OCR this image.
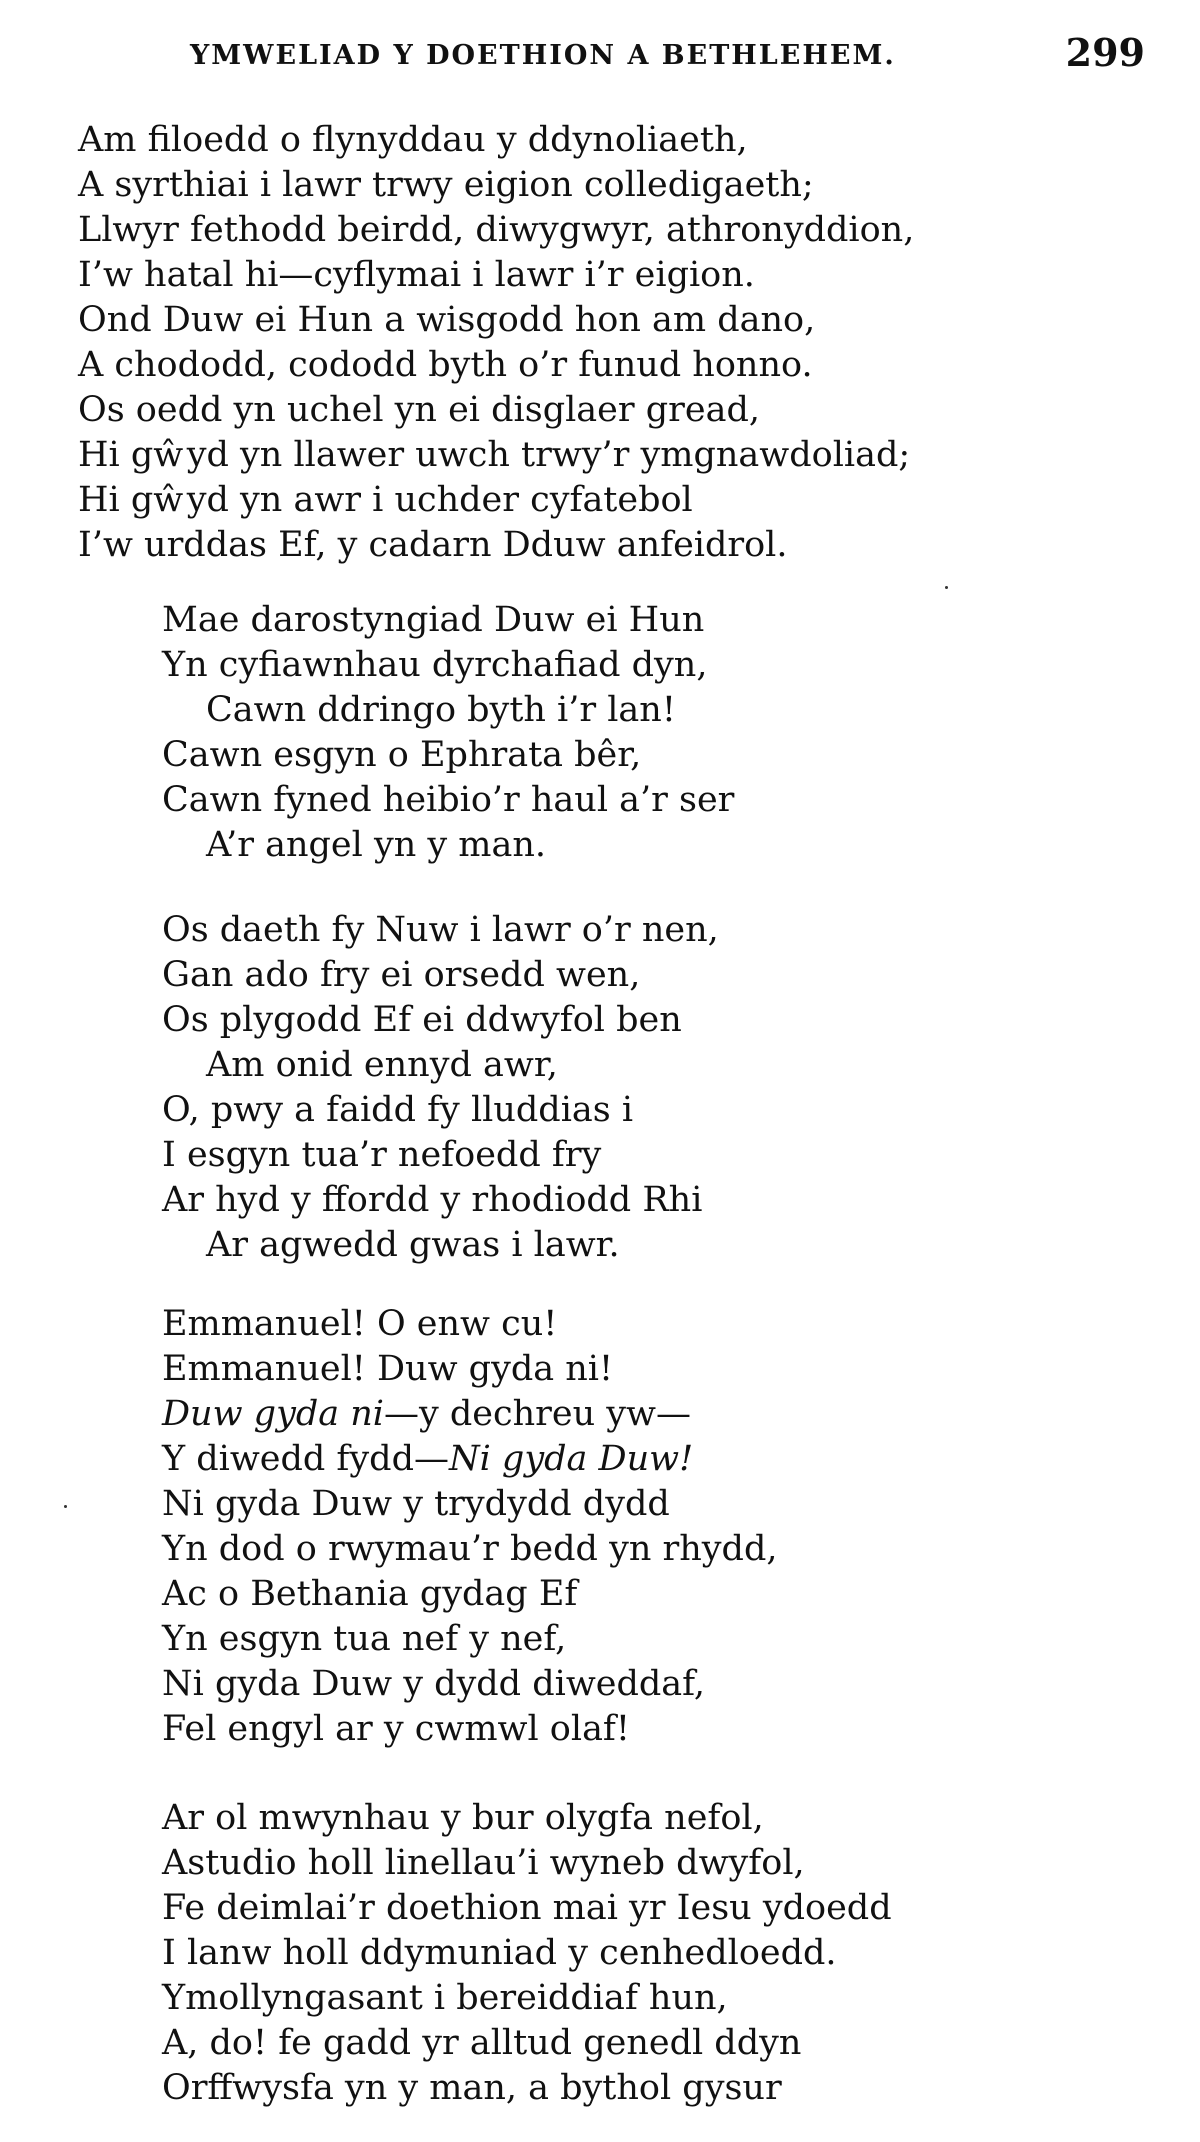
YMWELIAD Y DOETHION A BETHLEHEM.	299
Am filoedd o flynyddau y ddynoliaeth,
A syrthiai i lawr trwy eigion colledigaeth;
Llwyr fethodd beirdd, diwygwyr, athronyddion,
I’w hatal hi—cyflymai i lawr i’r eigion.
Ond Duw ei Hun a wisgodd hon am dano,
A chododd, cododd byth o’r funud honno.
Os oedd yn uchel yn ei disglaer gread,
Hi gŵyd yn llawer uwch trwy’r ymgnawdoliad;
Hi gŵyd yn awr i uchder cyfatebol
I’w urddas Ef, y cadarn Dduw anfeidrol.
Mae darostyngiad Duw ei Hun
Yn cyfiawnhau dyrchafiad dyn,
Cawn ddringo byth i’r lan!
Cawn esgyn o Ephrata bêr,
Cawn fyned heibio’r haul a’r ser
A’r angel yn y man.
Os daeth fy Nuw i lawr o’r nen,
Gan ado fry ei orsedd wen,
Os plygodd Ef ei ddwyfol ben
Am onid ennyd awr,
O, pwy a faidd fy lluddias i
I esgyn tua’r nefoedd fry
Ar hyd y ffordd y rhodiodd Rhi
Ar agwedd gwas i lawr.
Emmanuel! O enw cu!
Emmanuel! Duw gyda ni!
Duw gyda ni—y dechreu yw—
Y diwedd fydd—Ni gyda Duw!
Ni gyda Duw y trydydd dydd
Yn dod o rwymau’r bedd yn rhydd,
Ac o Bethania gydag Ef
Yn esgyn tua nef y nef,
Ni gyda Duw y dydd diweddaf,
Fel engyl ar y cwmwl olaf!
Ar ol mwynhau y bur olygfa nefol,
Astudio holl linellau’i wyneb dwyfol,
Fe deimlai’r doethion mai yr Iesu ydoedd
I lanw holl ddymuniad y cenhedloedd.
Ymollyngasant i bereiddiaf hun,
A, do! fe gadd yr alltud genedl ddyn
Orffwysfa yn y man, a bythol gysur
